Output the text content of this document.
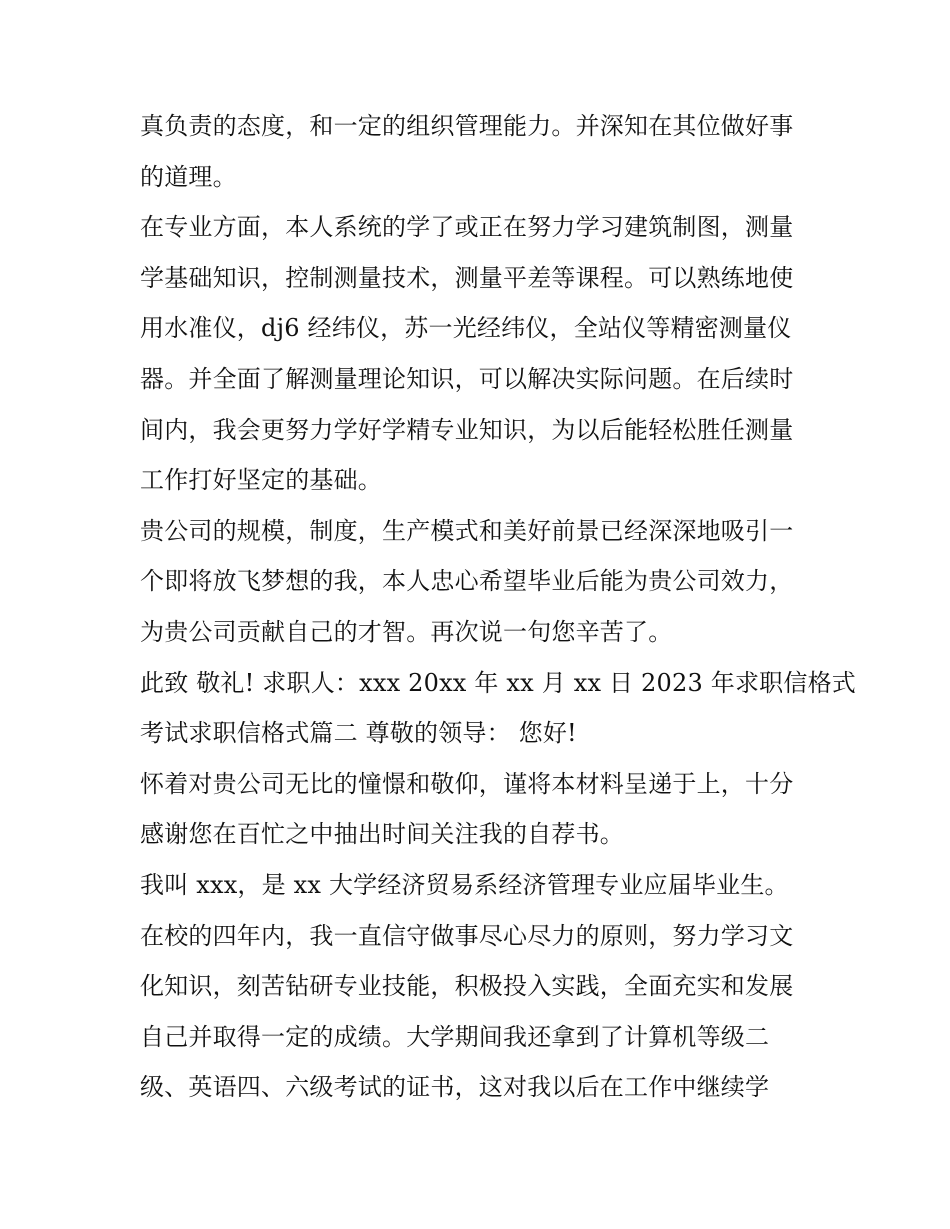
真负责的态度，和一定的组织管理能力。并深知在其位做好事
的道理。
在专业方面，本人系统的学了或正在努力学习建筑制图，测量
学基础知识，控制测量技术，测量平差等课程。可以熟练地使
用水准仪，dj6 经纬仪，苏一光经纬仪，全站仪等精密测量仪
器。并全面了解测量理论知识，可以解决实际问题。在后续时
间内，我会更努力学好学精专业知识，为以后能轻松胜任测量
工作打好坚定的基础。
贵公司的规模，制度，生产模式和美好前景已经深深地吸引一
个即将放飞梦想的我，本人忠心希望毕业后能为贵公司效力，
为贵公司贡献自己的才智。再次说一句您辛苦了。
此致 敬礼! 求职人：xxx 20xx 年 xx 月 xx 日 2023 年求职信格式
考试求职信格式篇二 尊敬的领导： 您好!
怀着对贵公司无比的憧憬和敬仰，谨将本材料呈递于上，十分
感谢您在百忙之中抽出时间关注我的自荐书。
我叫 xxx，是 xx 大学经济贸易系经济管理专业应届毕业生。
在校的四年内，我一直信守做事尽心尽力的原则，努力学习文
化知识，刻苦钻研专业技能，积极投入实践，全面充实和发展
自己并取得一定的成绩。大学期间我还拿到了计算机等级二
级、英语四、六级考试的证书，这对我以后在工作中继续学
